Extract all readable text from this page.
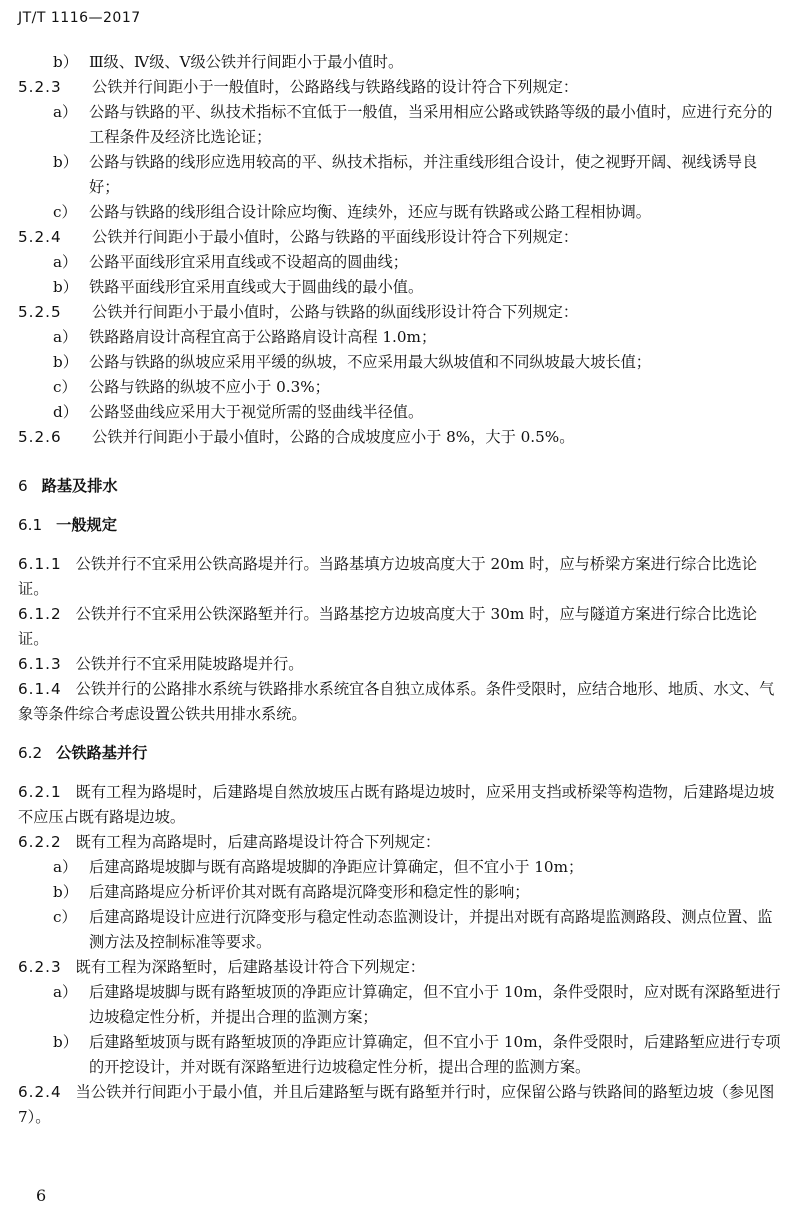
JT/T 1116—2017
b） Ⅲ级、Ⅳ级、Ⅴ级公铁并行间距小于最小值时。
5.2.3 公铁并行间距小于一般值时，公路路线与铁路线路的设计符合下列规定：
a） 公路与铁路的平、纵技术指标不宜低于一般值，当采用相应公路或铁路等级的最小值时，应进行充分的工程条件及经济比选论证；
b） 公路与铁路的线形应选用较高的平、纵技术指标，并注重线形组合设计，使之视野开阔、视线诱导良好；
c） 公路与铁路的线形组合设计除应均衡、连续外，还应与既有铁路或公路工程相协调。
5.2.4 公铁并行间距小于最小值时，公路与铁路的平面线形设计符合下列规定：
a） 公路平面线形宜采用直线或不设超高的圆曲线；
b） 铁路平面线形宜采用直线或大于圆曲线的最小值。
5.2.5 公铁并行间距小于最小值时，公路与铁路的纵面线形设计符合下列规定：
a） 铁路路肩设计高程宜高于公路路肩设计高程 1.0m；
b） 公路与铁路的纵坡应采用平缓的纵坡，不应采用最大纵坡值和不同纵坡最大坡长值；
c） 公路与铁路的纵坡不应小于 0.3%；
d） 公路竖曲线应采用大于视觉所需的竖曲线半径值。
5.2.6 公铁并行间距小于最小值时，公路的合成坡度应小于 8%，大于 0.5%。
6 路基及排水
6.1 一般规定
6.1.1 公铁并行不宜采用公铁高路堤并行。当路基填方边坡高度大于 20m 时，应与桥梁方案进行综合比选论证。
6.1.2 公铁并行不宜采用公铁深路堑并行。当路基挖方边坡高度大于 30m 时，应与隧道方案进行综合比选论证。
6.1.3 公铁并行不宜采用陡坡路堤并行。
6.1.4 公铁并行的公路排水系统与铁路排水系统宜各自独立成体系。条件受限时，应结合地形、地质、水文、气象等条件综合考虑设置公铁共用排水系统。
6.2 公铁路基并行
6.2.1 既有工程为路堤时，后建路堤自然放坡压占既有路堤边坡时，应采用支挡或桥梁等构造物，后建路堤边坡不应压占既有路堤边坡。
6.2.2 既有工程为高路堤时，后建高路堤设计符合下列规定：
a） 后建高路堤坡脚与既有高路堤坡脚的净距应计算确定，但不宜小于 10m；
b） 后建高路堤应分析评价其对既有高路堤沉降变形和稳定性的影响；
c） 后建高路堤设计应进行沉降变形与稳定性动态监测设计，并提出对既有高路堤监测路段、测点位置、监测方法及控制标准等要求。
6.2.3 既有工程为深路堑时，后建路基设计符合下列规定：
a） 后建路堤坡脚与既有路堑坡顶的净距应计算确定，但不宜小于 10m，条件受限时，应对既有深路堑进行边坡稳定性分析，并提出合理的监测方案；
b） 后建路堑坡顶与既有路堑坡顶的净距应计算确定，但不宜小于 10m，条件受限时，后建路堑应进行专项的开挖设计，并对既有深路堑进行边坡稳定性分析，提出合理的监测方案。
6.2.4 当公铁并行间距小于最小值，并且后建路堑与既有路堑并行时，应保留公路与铁路间的路堑边坡（参见图 7）。
6
